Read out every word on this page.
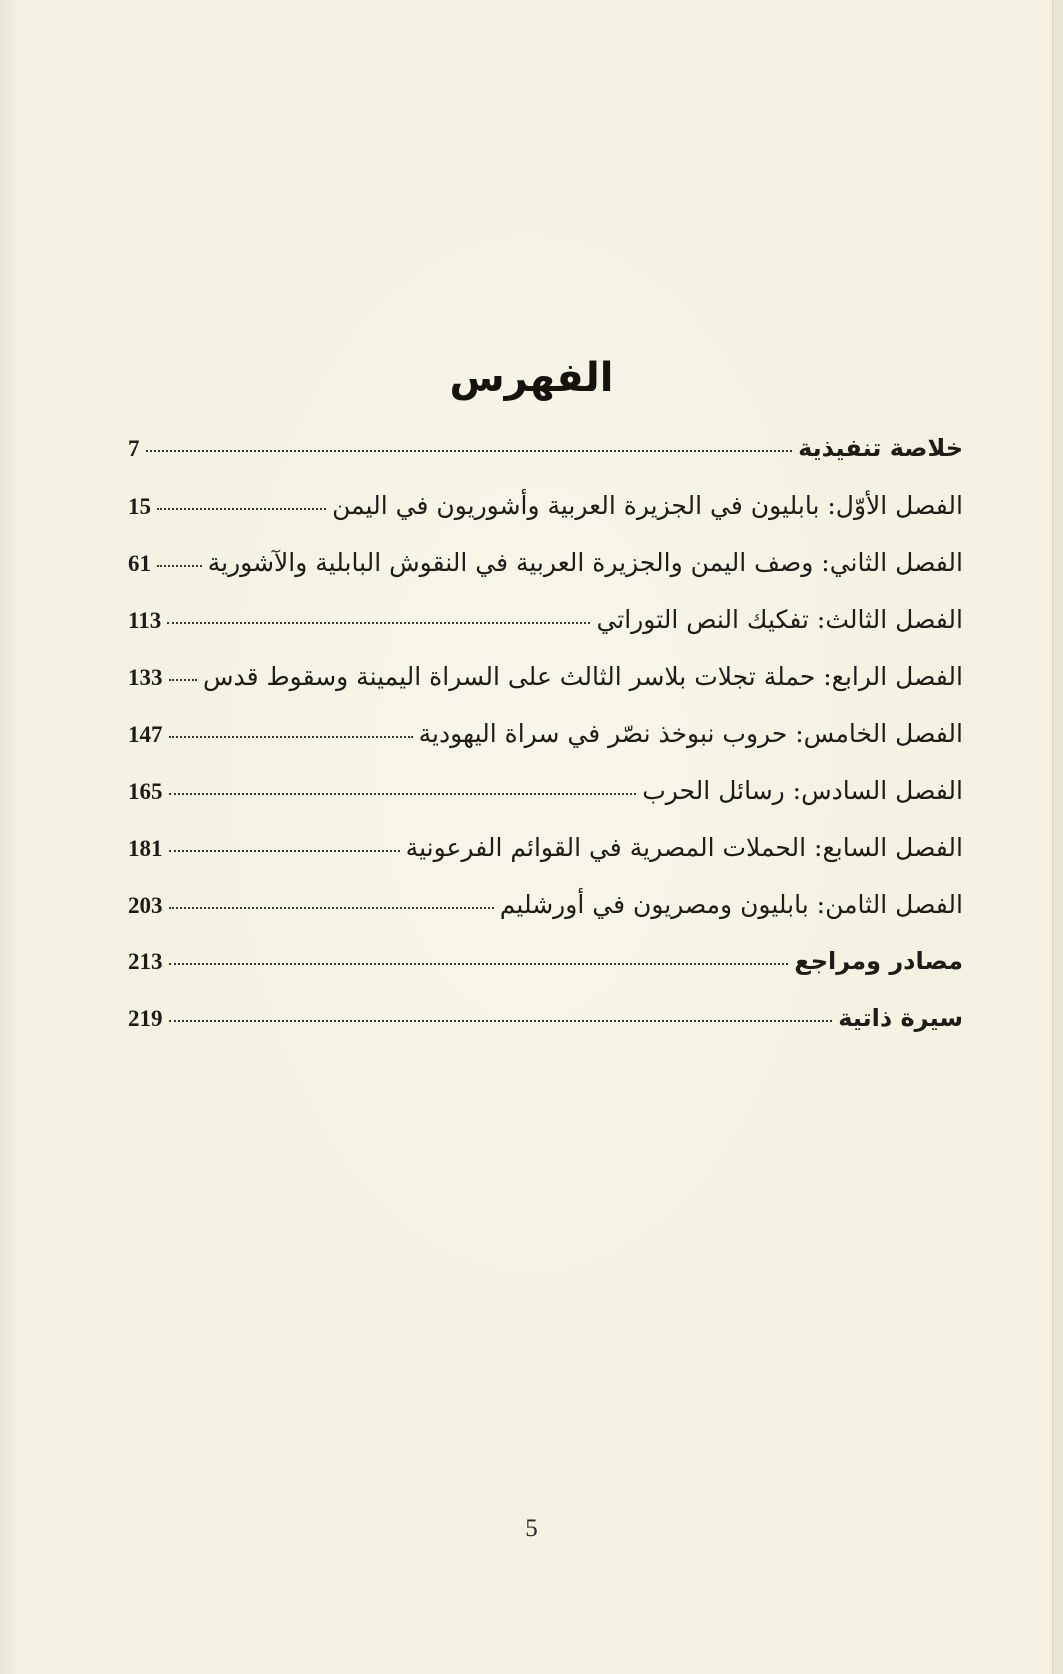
الفهرس
خلاصة تنفيذية
7
الفصل الأوّل: بابليون في الجزيرة العربية وأشوريون في اليمن
15
الفصل الثاني: وصف اليمن والجزيرة العربية في النقوش البابلية والآشورية
61
الفصل الثالث: تفكيك النص التوراتي
113
الفصل الرابع: حملة تجلات بلاسر الثالث على السراة اليمينة وسقوط قدس
133
الفصل الخامس: حروب نبوخذ نصّر في سراة اليهودية
147
الفصل السادس: رسائل الحرب
165
الفصل السابع: الحملات المصرية في القوائم الفرعونية
181
الفصل الثامن: بابليون ومصريون في أورشليم
203
مصادر ومراجع
213
سيرة ذاتية
219
5
